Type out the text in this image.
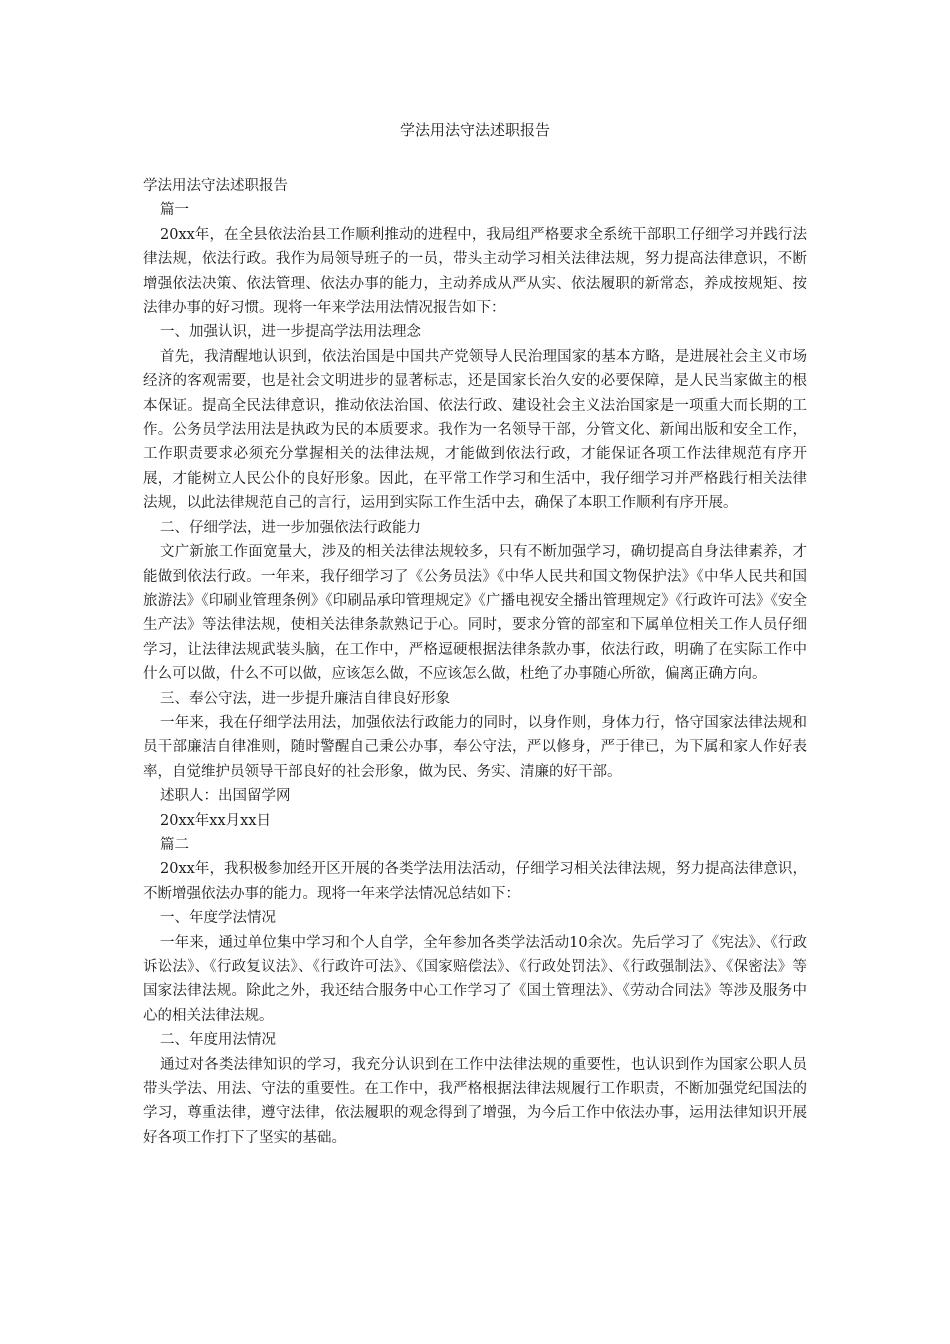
学法用法守法述职报告

学法用法守法述职报告

篇一

20xx年，在全县依法治县工作顺利推动的进程中，我局组严格要求全系统干部职工仔细学习并践行法律法规，依法行政。我作为局领导班子的一员，带头主动学习相关法律法规，努力提高法律意识，不断增强依法决策、依法管理、依法办事的能力，主动养成从严从实、依法履职的新常态，养成按规矩、按法律办事的好习惯。现将一年来学法用法情况报告如下：

一、加强认识，进一步提高学法用法理念

首先，我清醒地认识到，依法治国是中国共产党领导人民治理国家的基本方略，是进展社会主义市场经济的客观需要，也是社会文明进步的显著标志，还是国家长治久安的必要保障，是人民当家做主的根本保证。提高全民法律意识，推动依法治国、依法行政、建设社会主义法治国家是一项重大而长期的工作。公务员学法用法是执政为民的本质要求。我作为一名领导干部，分管文化、新闻出版和安全工作，工作职责要求必须充分掌握相关的法律法规，才能做到依法行政，才能保证各项工作法律规范有序开展，才能树立人民公仆的良好形象。因此，在平常工作学习和生活中，我仔细学习并严格践行相关法律法规，以此法律规范自己的言行，运用到实际工作生活中去，确保了本职工作顺利有序开展。

二、仔细学法，进一步加强依法行政能力

文广新旅工作面宽量大，涉及的相关法律法规较多，只有不断加强学习，确切提高自身法律素养，才能做到依法行政。一年来，我仔细学习了《公务员法》《中华人民共和国文物保护法》《中华人民共和国旅游法》《印刷业管理条例》《印刷品承印管理规定》《广播电视安全播出管理规定》《行政许可法》《安全生产法》等法律法规，使相关法律条款熟记于心。同时，要求分管的部室和下属单位相关工作人员仔细学习，让法律法规武装头脑，在工作中，严格逗硬根据法律条款办事，依法行政，明确了在实际工作中什么可以做，什么不可以做，应该怎么做，不应该怎么做，杜绝了办事随心所欲，偏离正确方向。

三、奉公守法，进一步提升廉洁自律良好形象

一年来，我在仔细学法用法，加强依法行政能力的同时，以身作则，身体力行，恪守国家法律法规和员干部廉洁自律准则，随时警醒自己秉公办事，奉公守法，严以修身，严于律已，为下属和家人作好表率，自觉维护员领导干部良好的社会形象，做为民、务实、清廉的好干部。

述职人：出国留学网

20xx年xx月xx日

篇二

20xx年，我积极参加经开区开展的各类学法用法活动，仔细学习相关法律法规，努力提高法律意识，不断增强依法办事的能力。现将一年来学法情况总结如下：

一、年度学法情况

一年来，通过单位集中学习和个人自学，全年参加各类学法活动10余次。先后学习了《宪法》、《行政诉讼法》、《行政复议法》、《行政许可法》、《国家赔偿法》、《行政处罚法》、《行政强制法》、《保密法》等国家法律法规。除此之外，我还结合服务中心工作学习了《国土管理法》、《劳动合同法》等涉及服务中心的相关法律法规。

二、年度用法情况

通过对各类法律知识的学习，我充分认识到在工作中法律法规的重要性，也认识到作为国家公职人员带头学法、用法、守法的重要性。在工作中，我严格根据法律法规履行工作职责，不断加强党纪国法的学习，尊重法律，遵守法律，依法履职的观念得到了增强，为今后工作中依法办事，运用法律知识开展好各项工作打下了坚实的基础。
